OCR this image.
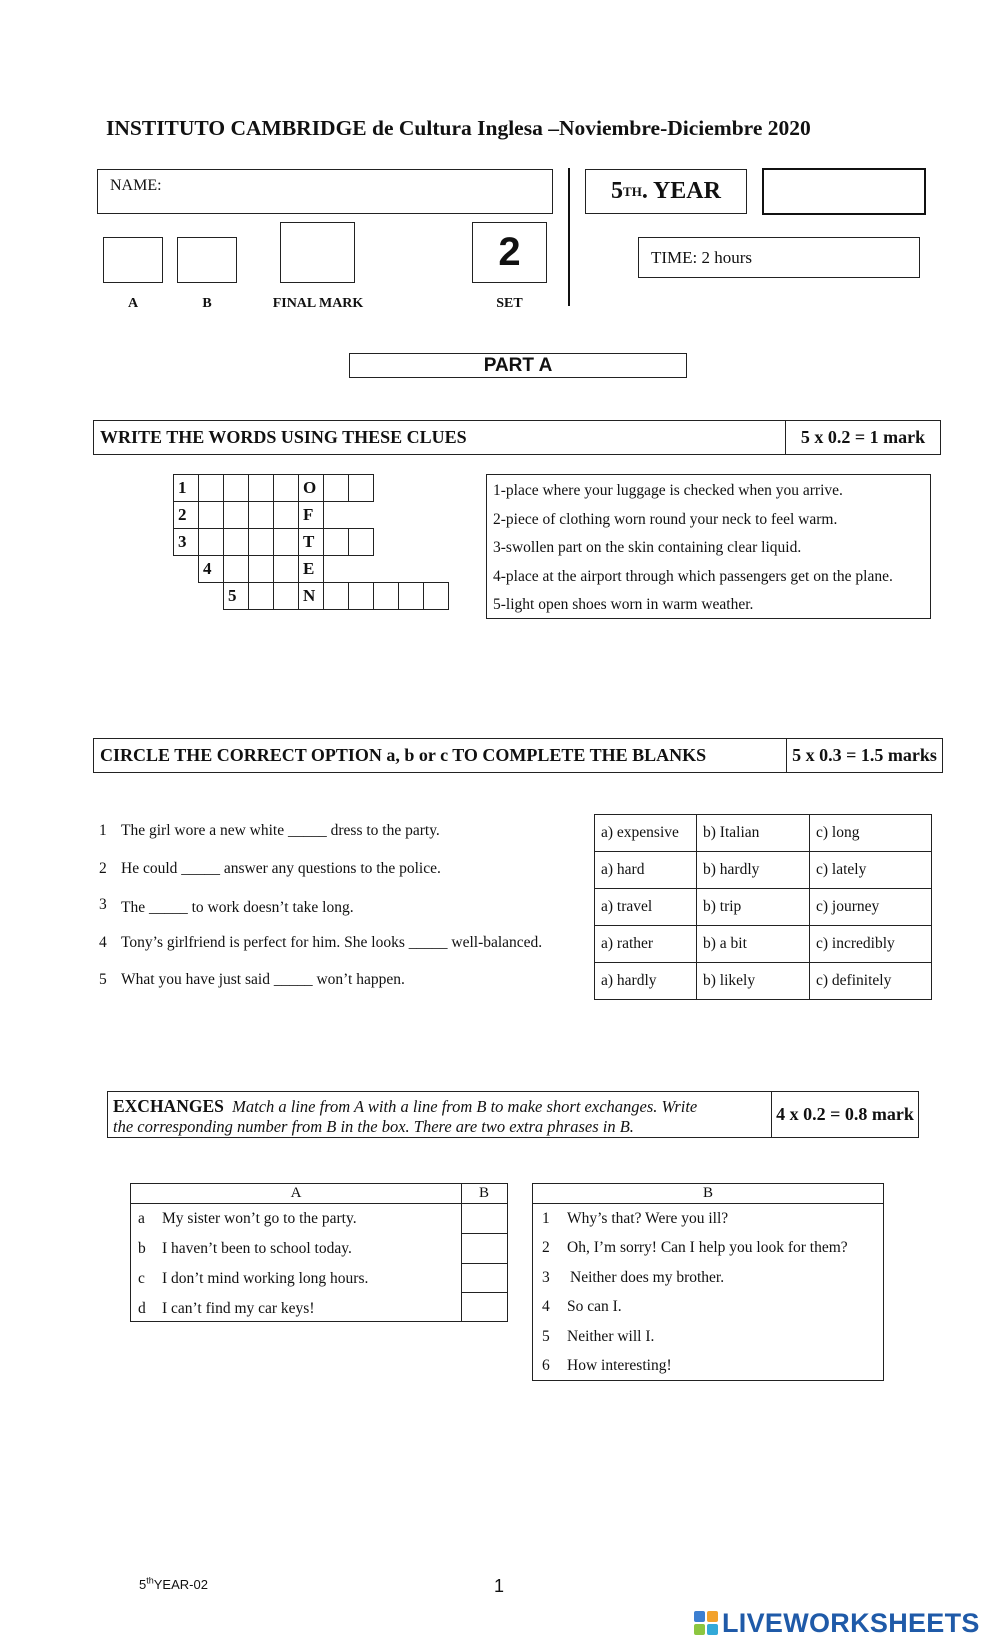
INSTITUTO CAMBRIDGE de Cultura Inglesa –Noviembre-Diciembre 2020
NAME:
2
A	B	FINAL MARK	SET
5 TH . YEAR
TIME: 2 hours
PART A
WRITE THE WORDS USING THESE CLUES	5 x 0.2 = 1 mark
1					O					
2					F					
3					T					
	4				E					
		5			N					
1-place where your luggage is checked when you arrive.
2-piece of clothing worn round your neck to feel warm.
3-swollen part on the skin containing clear liquid.
4-place at the airport through which passengers get on the plane.
5-light open shoes worn in warm weather.
CIRCLE THE CORRECT OPTION a, b or c TO COMPLETE THE BLANKS	5 x 0.3 = 1.5 marks
1 The girl wore a new white _____ dress to the party.
2 He could _____ answer any questions to the police.
3 The _____ to work doesn’t take long.
4 Tony’s girlfriend is perfect for him. She looks _____ well-balanced.
5 What you have just said _____ won’t happen.
a) expensive	b) Italian	c) long
a) hard	b) hardly	c) lately
a) travel	b) trip	c) journey
a) rather	b) a bit	c) incredibly
a) hardly	b) likely	c) definitely
EXCHANGES Match a line from A with a line from B to make short exchanges. Write
the corresponding number from B in the box. There are two extra phrases in B.
4 x 0.2 = 0.8 mark
A	B
a	My sister won’t go to the party.
b	I haven’t been to school today.
c	I don’t mind working long hours.
d	I can’t find my car keys!
B
1	Why’s that? Were you ill?
2	Oh, I’m sorry! Can I help you look for them?
3	Neither does my brother.
4	So can I.
5	Neither will I.
6	How interesting!
5thYEAR-02	1
LIVEWORKSHEETS
